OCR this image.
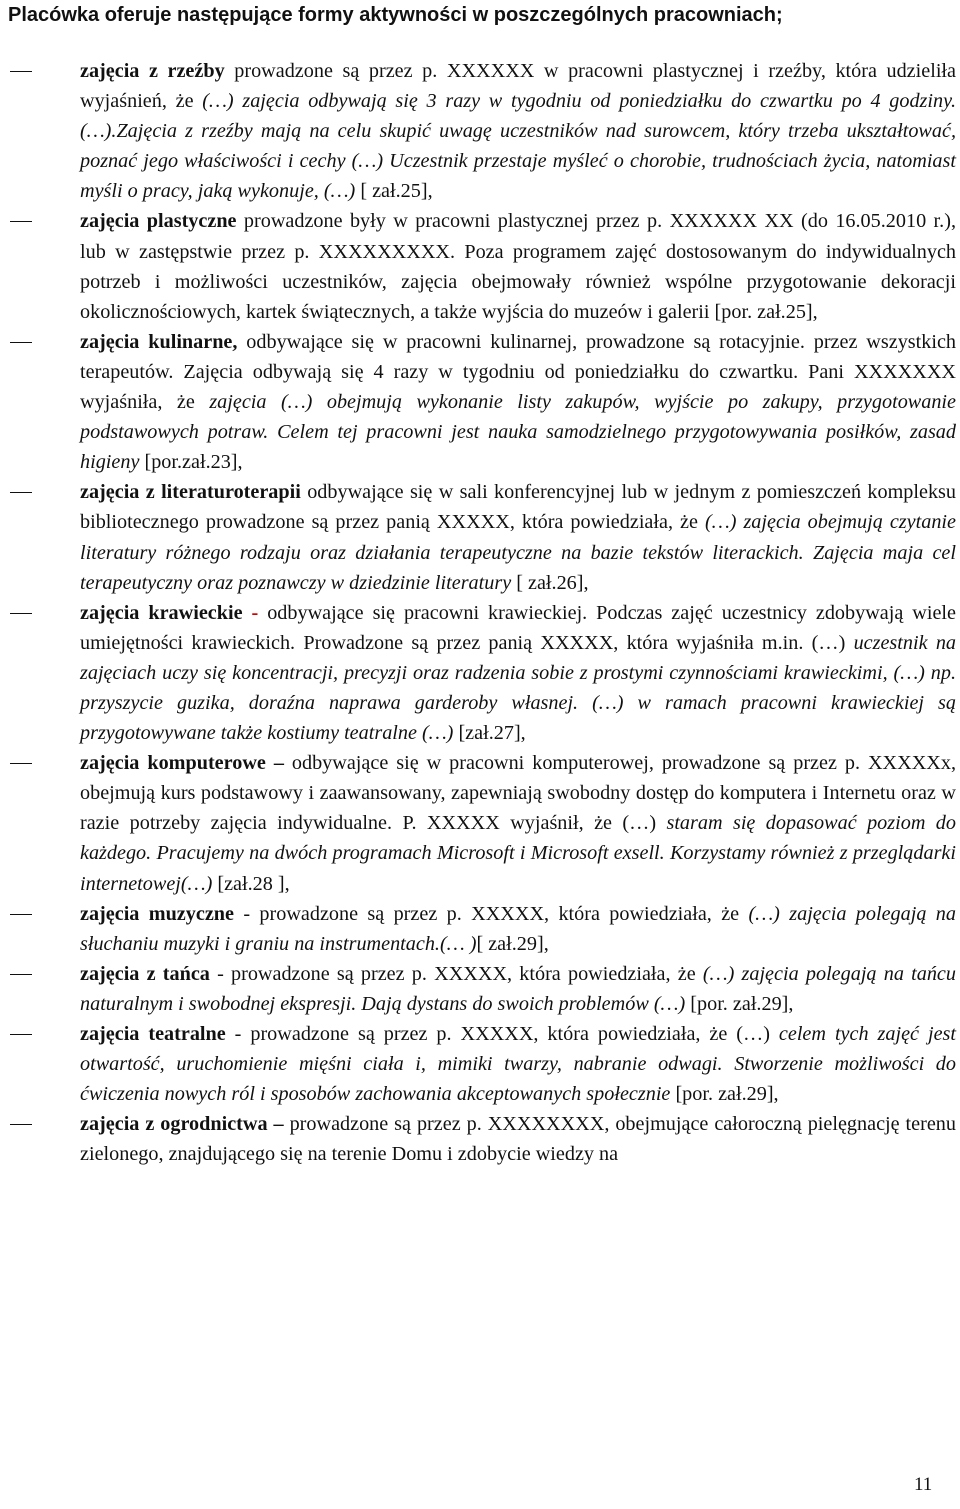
Placówka oferuje następujące formy aktywności w poszczególnych pracowniach;

zajęcia z rzeźby prowadzone są przez p. XXXXXX w pracowni plastycznej i rzeźby, która udzieliła wyjaśnień, że (…) zajęcia odbywają się 3 razy w tygodniu od poniedziałku do czwartku po 4 godziny. (…).Zajęcia z rzeźby mają na celu skupić uwagę uczestników nad surowcem, który trzeba ukształtować, poznać jego właściwości i cechy (…) Uczestnik przestaje myśleć o chorobie, trudnościach życia, natomiast myśli o pracy, jaką wykonuje, (…) [ zał.25],

zajęcia plastyczne prowadzone były w pracowni plastycznej przez p. XXXXXX XX (do 16.05.2010 r.), lub w zastępstwie przez p. XXXXXXXXX. Poza programem zajęć dostosowanym do indywidualnych potrzeb i możliwości uczestników, zajęcia obejmowały również wspólne przygotowanie dekoracji okolicznościowych, kartek świątecznych, a także wyjścia do muzeów i galerii [por. zał.25],

zajęcia kulinarne, odbywające się w pracowni kulinarnej, prowadzone są rotacyjnie. przez wszystkich terapeutów. Zajęcia odbywają się 4 razy w tygodniu od poniedziałku do czwartku. Pani XXXXXXX wyjaśniła, że zajęcia (…) obejmują wykonanie listy zakupów, wyjście po zakupy, przygotowanie podstawowych potraw. Celem tej pracowni jest nauka samodzielnego przygotowywania posiłków, zasad higieny [por.zał.23],

zajęcia z literaturoterapii odbywające się w sali konferencyjnej lub w jednym z pomieszczeń kompleksu bibliotecznego prowadzone są przez panią XXXXX, która powiedziała, że (…) zajęcia obejmują czytanie literatury różnego rodzaju oraz działania terapeutyczne na bazie tekstów literackich. Zajęcia maja cel terapeutyczny oraz poznawczy w dziedzinie literatury [ zał.26],

zajęcia krawieckie - odbywające się pracowni krawieckiej. Podczas zajęć uczestnicy zdobywają wiele umiejętności krawieckich. Prowadzone są przez panią XXXXX, która wyjaśniła m.in. (…) uczestnik na zajęciach uczy się koncentracji, precyzji oraz radzenia sobie z prostymi czynnościami krawieckimi, (…) np. przyszycie guzika, doraźna naprawa garderoby własnej. (…) w ramach pracowni krawieckiej są przygotowywane także kostiumy teatralne (…) [zał.27],

zajęcia komputerowe – odbywające się w pracowni komputerowej, prowadzone są przez p. XXXXXx, obejmują kurs podstawowy i zaawansowany, zapewniają swobodny dostęp do komputera i Internetu oraz w razie potrzeby zajęcia indywidualne. P. XXXXX wyjaśnił, że (…) staram się dopasować poziom do każdego. Pracujemy na dwóch programach Microsoft i Microsoft exsell. Korzystamy również z przeglądarki internetowej(…) [zał.28 ],

zajęcia muzyczne - prowadzone są przez p. XXXXX, która powiedziała, że (…) zajęcia polegają na słuchaniu muzyki i graniu na instrumentach.(… )[ zał.29],

zajęcia z tańca - prowadzone są przez p. XXXXX, która powiedziała, że (…) zajęcia polegają na tańcu naturalnym i swobodnej ekspresji. Dają dystans do swoich problemów (…) [por. zał.29],

zajęcia teatralne - prowadzone są przez p. XXXXX, która powiedziała, że (…) celem tych zajęć jest otwartość, uruchomienie mięśni ciała i, mimiki twarzy, nabranie odwagi. Stworzenie możliwości do ćwiczenia nowych ról i sposobów zachowania akceptowanych społecznie [por. zał.29],

zajęcia z ogrodnictwa – prowadzone są przez p. XXXXXXXX, obejmujące całoroczną pielęgnację terenu zielonego, znajdującego się na terenie Domu i zdobycie wiedzy na

11
